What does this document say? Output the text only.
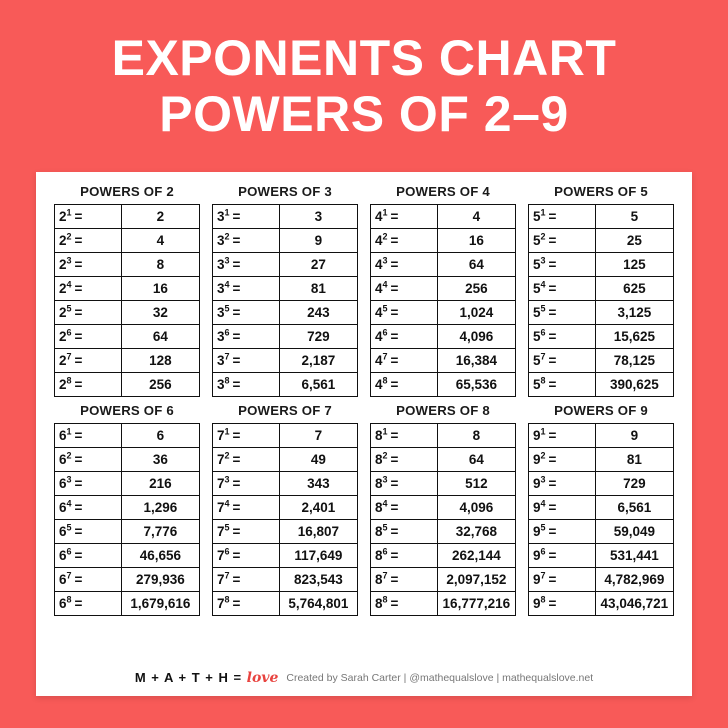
EXPONENTS CHART
POWERS OF 2–9
POWERS OF 2
$2^1$ =	2
$2^2$ =	4
$2^3$ =	8
$2^4$ =	16
$2^5$ =	32
$2^6$ =	64
$2^7$ =	128
$2^8$ =	256
POWERS OF 3
$3^1$ =	3
$3^2$ =	9
$3^3$ =	27
$3^4$ =	81
$3^5$ =	243
$3^6$ =	729
$3^7$ =	2,187
$3^8$ =	6,561
POWERS OF 4
$4^1$ =	4
$4^2$ =	16
$4^3$ =	64
$4^4$ =	256
$4^5$ =	1,024
$4^6$ =	4,096
$4^7$ =	16,384
$4^8$ =	65,536
POWERS OF 5
$5^1$ =	5
$5^2$ =	25
$5^3$ =	125
$5^4$ =	625
$5^5$ =	3,125
$5^6$ =	15,625
$5^7$ =	78,125
$5^8$ =	390,625
POWERS OF 6
$6^1$ =	6
$6^2$ =	36
$6^3$ =	216
$6^4$ =	1,296
$6^5$ =	7,776
$6^6$ =	46,656
$6^7$ =	279,936
$6^8$ =	1,679,616
POWERS OF 7
$7^1$ =	7
$7^2$ =	49
$7^3$ =	343
$7^4$ =	2,401
$7^5$ =	16,807
$7^6$ =	117,649
$7^7$ =	823,543
$7^8$ =	5,764,801
POWERS OF 8
$8^1$ =	8
$8^2$ =	64
$8^3$ =	512
$8^4$ =	4,096
$8^5$ =	32,768
$8^6$ =	262,144
$8^7$ =	2,097,152
$8^8$ =	16,777,216
POWERS OF 9
$9^1$ =	9
$9^2$ =	81
$9^3$ =	729
$9^4$ =	6,561
$9^5$ =	59,049
$9^6$ =	531,441
$9^7$ =	4,782,969
$9^8$ =	43,046,721
M + A + T + H = love Created by Sarah Carter | @mathequalslove | mathequalslove.net
